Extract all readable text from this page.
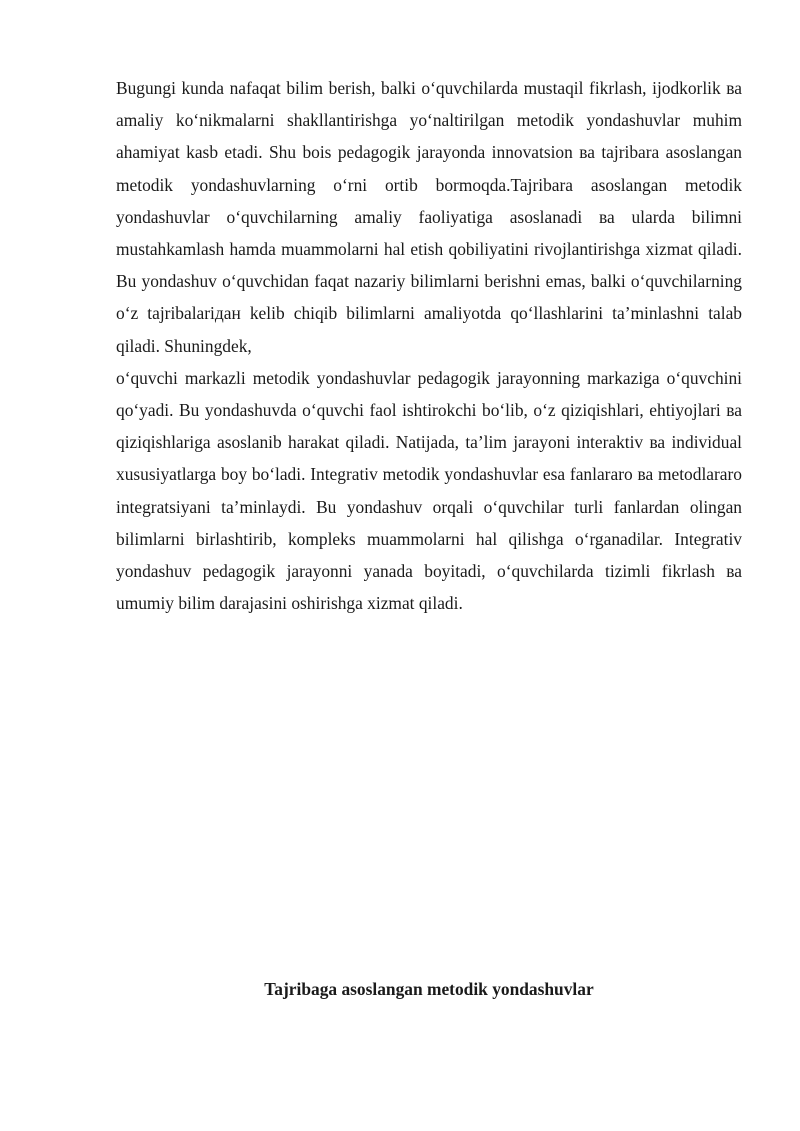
Bugungi kunda nafaqat bilim berish, balki o‘quvchilarda mustaqil fikrlash, ijodkorlik ва amaliy ko‘nikmalarni shakllantirishga yo‘naltirilgan metodik yondashuvlar muhim ahamiyat kasb etadi. Shu bois pedagogik jarayonda innovatsion ва tajribara asoslangan metodik yondashuvlarning o‘rni ortib bormoqda.Tajribara asoslangan metodik yondashuvlar o‘quvchilarning amaliy faoliyatiga asoslanadi ва ularda bilimni mustahkamlash hamda muammolarni hal etish qobiliyatini rivojlantirishga xizmat qiladi. Bu yondashuv o‘quvchidan faqat nazariy bilimlarni berishni emas, balki o‘quvchilarning o‘z tajribalariдан kelib chiqib bilimlarni amaliyotda qo‘llashlarini ta’minlashni talab qiladi. Shuningdek,

o‘quvchi markazli metodik yondashuvlar pedagogik jarayonning markaziga o‘quvchini qo‘yadi. Bu yondashuvda o‘quvchi faol ishtirokchi bo‘lib, o‘z qiziqishlari, ehtiyojlari ва qiziqishlariga asoslanib harakat qiladi. Natijada, ta’lim jarayoni interaktiv ва individual xususiyatlarga boy bo‘ladi. Integrativ metodik yondashuvlar esa fanlararo ва metodlararo integratsiyani ta’minlaydi. Bu yondashuv orqali o‘quvchilar turli fanlardan olingan bilimlarni birlashtirib, kompleks muammolarni hal qilishga o‘rganadilar. Integrativ yondashuv pedagogik jarayonni yanada boyitadi, o‘quvchilarda tizimli fikrlash ва umumiy bilim darajasini oshirishga xizmat qiladi.

Tajribaga asoslangan metodik yondashuvlar
